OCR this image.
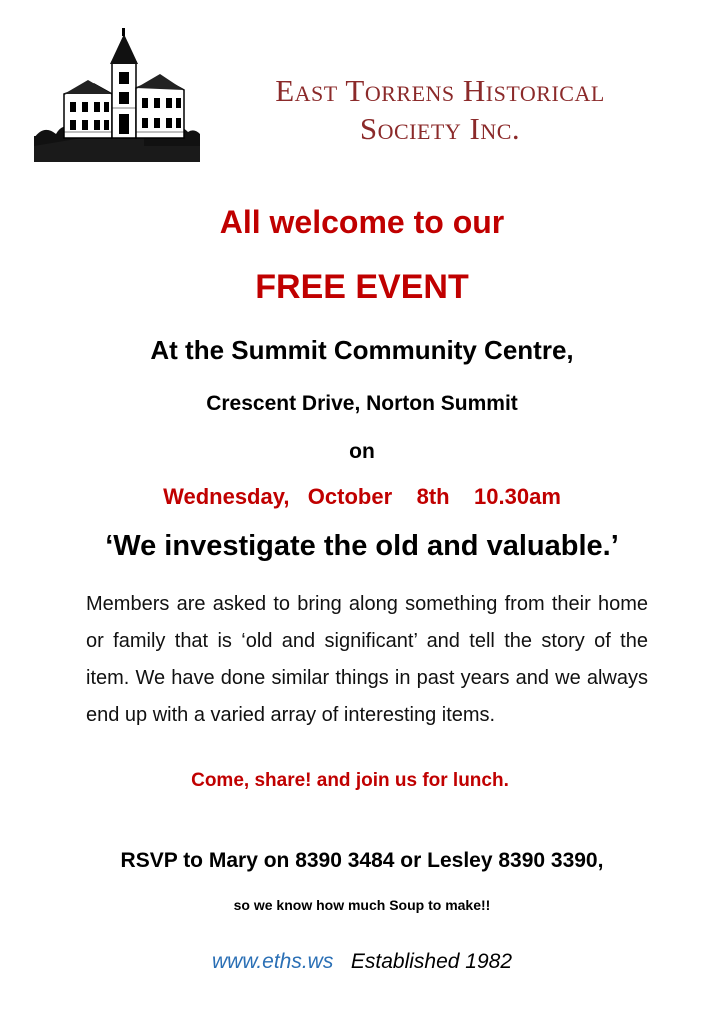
East Torrens Historical
Society Inc.
All welcome to our
FREE EVENT
At the Summit Community Centre,
Crescent Drive, Norton Summit
on
Wednesday,   October    8th    10.30am
‘We investigate the old and valuable.’
Members are asked to bring along something from their home or family that is ‘old and significant’ and tell the story of the item. We have done similar things in past years and we always end up with a varied array of interesting items.
Come, share! and join us for lunch.
RSVP to Mary on 8390 3484 or Lesley 8390 3390,
so we know how much Soup to make!!
www.eths.ws Established 1982
